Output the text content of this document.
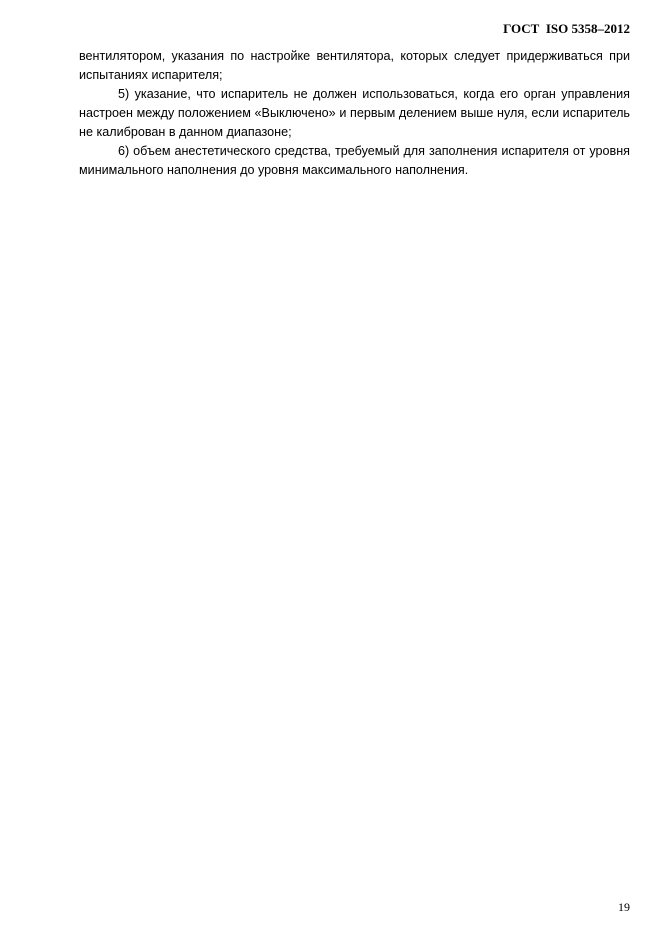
ГОСТ  ISO 5358–2012

вентилятором, указания по настройке вентилятора, которых следует придерживаться при испытаниях испарителя;

5) указание, что испаритель не должен использоваться, когда его орган управления настроен между положением «Выключено» и первым делением выше нуля, если испаритель не калиброван в данном диапазоне;

6) объем анестетического средства, требуемый для заполнения испарителя от уровня минимального наполнения до уровня максимального наполнения.

19
